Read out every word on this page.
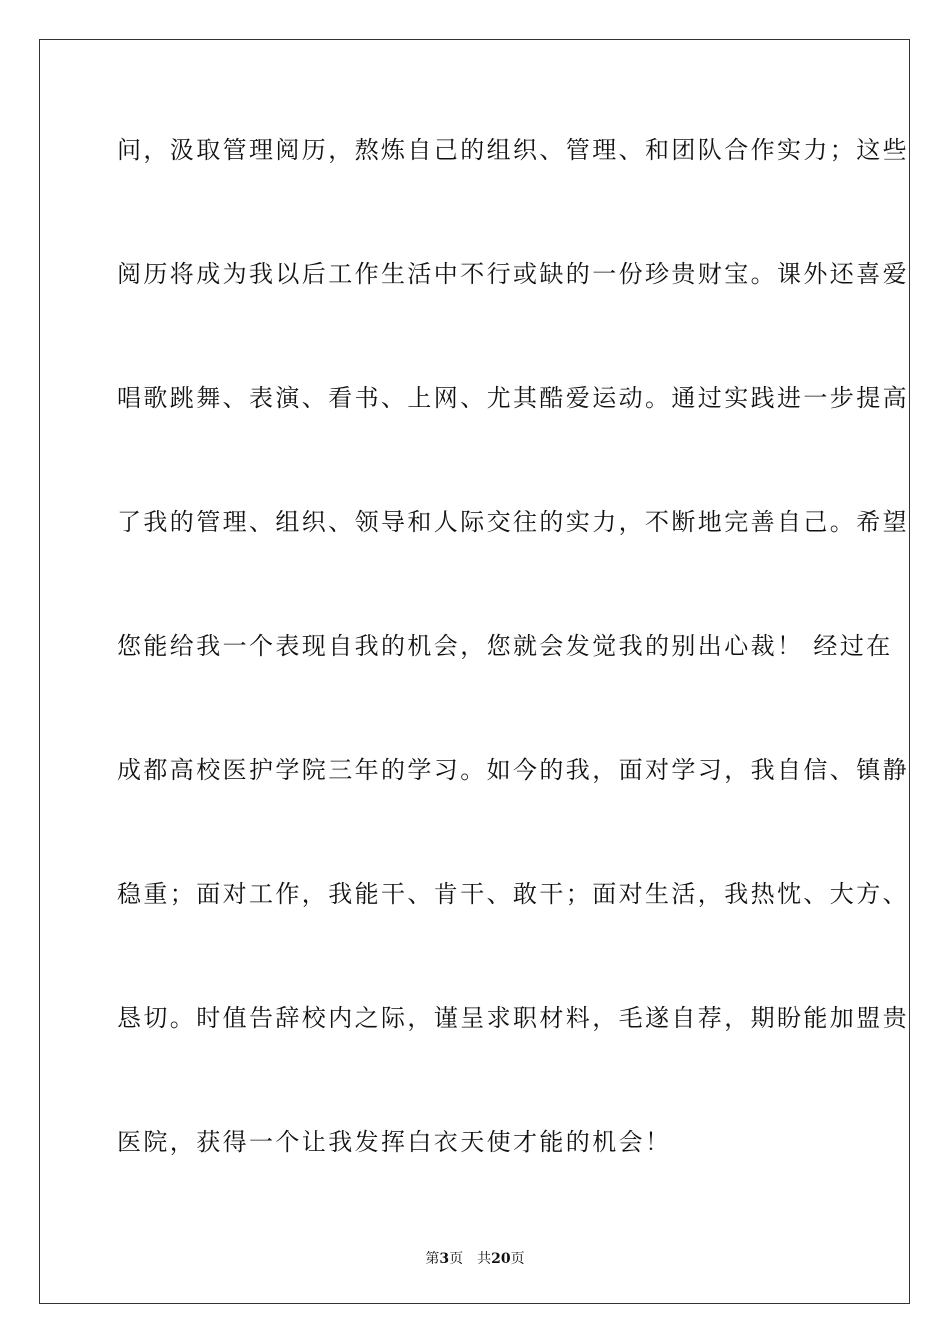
问，汲取管理阅历，熬炼自己的组织、管理、和团队合作实力；这些
阅历将成为我以后工作生活中不行或缺的一份珍贵财宝。课外还喜爱
唱歌跳舞、表演、看书、上网、尤其酷爱运动。通过实践进一步提高
了我的管理、组织、领导和人际交往的实力，不断地完善自己。希望
您能给我一个表现自我的机会，您就会发觉我的别出心裁！ 经过在
成都高校医护学院三年的学习。如今的我，面对学习，我自信、镇静
稳重；面对工作，我能干、肯干、敢干；面对生活，我热忱、大方、
恳切。时值告辞校内之际，谨呈求职材料，毛遂自荐，期盼能加盟贵
医院，获得一个让我发挥白衣天使才能的机会！
第3页 共20页
